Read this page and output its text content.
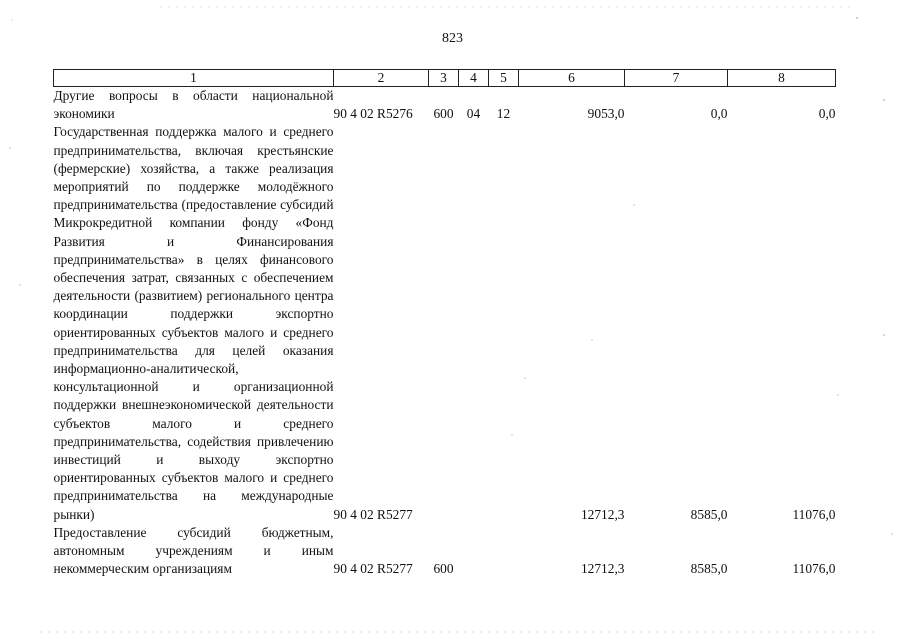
823
1	2	3	4	5	6	7	8
Другие вопросы в области национальной экономики	90 4 02 R5276	600	04	12	9053,0	0,0	0,0
Государственная поддержка малого и среднего предпринимательства, включая крестьянские (фермерские) хозяйства, а также реализация мероприятий по поддержке молодёжного предпринимательства (предоставление субсидий Микрокредитной компании фонду «Фонд Развития и Финансирования предпринимательства» в целях финансового обеспечения затрат, связанных с обеспечением деятельности (развитием) регионального центра координации поддержки экспортно ориентированных субъектов малого и среднего предпринимательства для целей оказания информационно-аналитической, консультационной и организационной поддержки внешнеэкономической деятельности субъектов малого и среднего предпринимательства, содействия привлечению инвестиций и выходу экспортно ориентированных субъектов малого и среднего предпринимательства на международные рынки)	90 4 02 R5277				12712,3	8585,0	11076,0
Предоставление субсидий бюджетным, автономным учреждениям и иным некоммерческим организациям	90 4 02 R5277	600			12712,3	8585,0	11076,0
